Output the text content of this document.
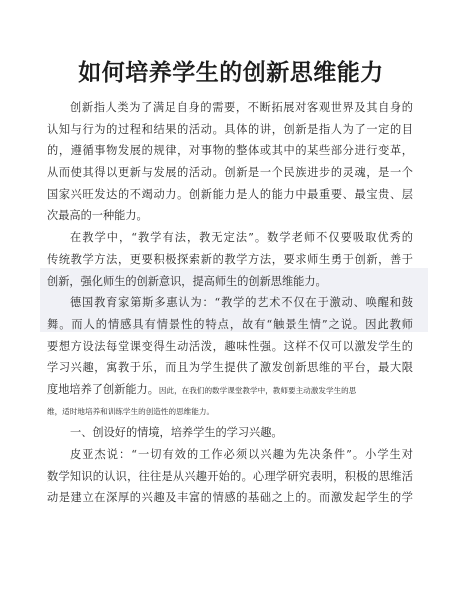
如何培养学生的创新思维能力
创新指人类为了满足自身的需要，不断拓展对客观世界及其自身的
认知与行为的过程和结果的活动。具体的讲，创新是指人为了一定的目
的，遵循事物发展的规律，对事物的整体或其中的某些部分进行变革，
从而使其得以更新与发展的活动。创新是一个民族进步的灵魂，是一个
国家兴旺发达的不竭动力。创新能力是人的能力中最重要、最宝贵、层
次最高的一种能力。
在教学中，“教学有法，教无定法”。数学老师不仅要吸取优秀的
传统教学方法，更要积极探索新的教学方法，要求师生勇于创新，善于
创新，强化师生的创新意识，提高师生的创新思维能力。
德国教育家第斯多惠认为：“教学的艺术不仅在于激动、唤醒和鼓
舞。而人的情感具有情景性的特点，故有“触景生情”之说。因此教师
要想方设法每堂课变得生动活泼，趣味性强。这样不仅可以激发学生的
学习兴趣，寓教于乐，而且为学生提供了激发创新思维的平台，最大限
度地培养了创新能力。因此，在我们的数学课堂教学中，教师要主动激发学生的思
维，适时地培养和训练学生的创造性的思维能力。
一、创设好的情境，培养学生的学习兴趣。
皮亚杰说：“一切有效的工作必须以兴趣为先决条件”。小学生对
数学知识的认识，往往是从兴趣开始的。心理学研究表明，积极的思维活
动是建立在深厚的兴趣及丰富的情感的基础之上的。而激发起学生的学
